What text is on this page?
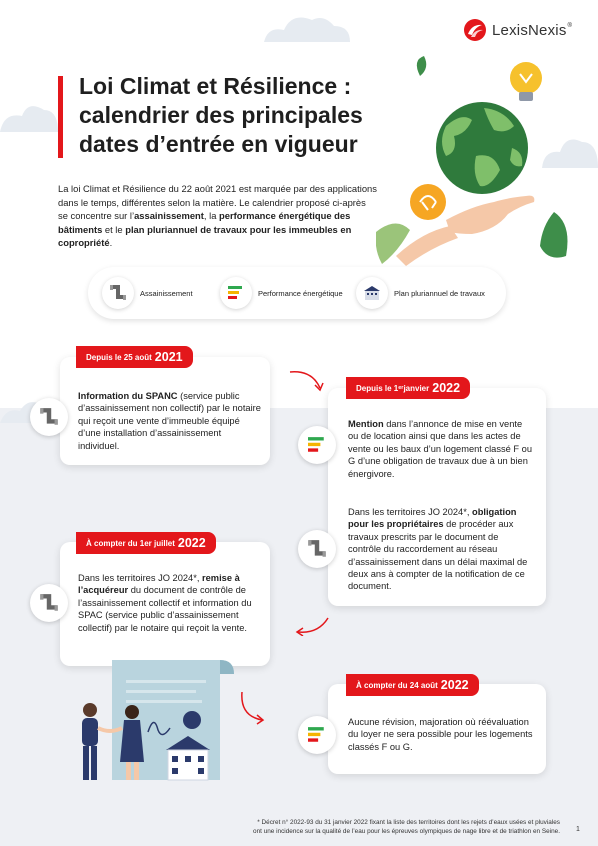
LexisNexis ®
Loi Climat et Résilience :
calendrier des principales
dates d’entrée en vigueur
La loi Climat et Résilience du 22 août 2021 est marquée par des applications dans le temps, différentes selon la matière. Le calendrier proposé ci-après se concentre sur l’assainissement, la performance énergétique des bâtiments et le plan pluriannuel de travaux pour les immeubles en copropriété.
Assainissement	Performance énergétique	Plan pluriannuel de travaux
Depuis le 25 août 2021
Information du SPANC (service public d’assainissement non collectif) par le notaire qui reçoit une vente d’immeuble équipé d’une installation d’assainissement individuel.
Depuis le 1 er janvier 2022
Mention dans l’annonce de mise en vente ou de location ainsi que dans les actes de vente ou les baux d’un logement classé F ou G d’une obligation de travaux due à un bien énergivore.
Dans les territoires JO 2024*, obligation pour les propriétaires de procéder aux travaux prescrits par le document de contrôle du raccordement au réseau d’assainissement dans un délai maximal de deux ans à compter de la notification de ce document.
À compter du 1er juillet 2022
Dans les territoires JO 2024*, remise à l’acquéreur du document de contrôle de l’assainissement collectif et information du SPAC (service public d’assainissement collectif) par le notaire qui reçoit la vente.
À compter du 24 août 2022
Aucune révision, majoration où réévaluation du loyer ne sera possible pour les logements classés F ou G.
* Décret n° 2022-93 du 31 janvier 2022 fixant la liste des territoires dont les rejets d’eaux usées et pluviales
ont une incidence sur la qualité de l’eau pour les épreuves olympiques de nage libre et de triathlon en Seine. 1
